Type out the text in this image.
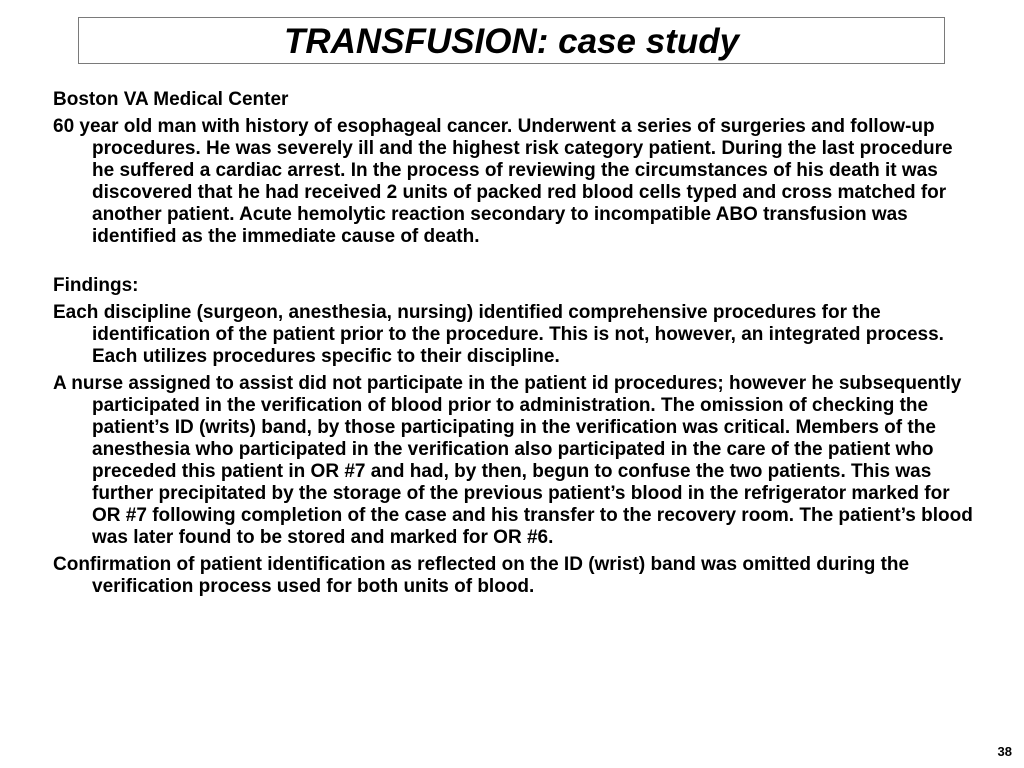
TRANSFUSION: case study

Boston VA Medical Center

60 year old man with history of esophageal cancer. Underwent a series of surgeries and follow-up procedures. He was severely ill and the highest risk category patient. During the last procedure he suffered a cardiac arrest. In the process of reviewing the circumstances of his death it was discovered that he had received 2 units of packed red blood cells typed and cross matched for another patient. Acute hemolytic reaction secondary to incompatible ABO transfusion was identified as the immediate cause of death.

Findings:

Each discipline (surgeon, anesthesia, nursing) identified comprehensive procedures for the identification of the patient prior to the procedure. This is not, however, an integrated process. Each utilizes procedures specific to their discipline.

A nurse assigned to assist did not participate in the patient id procedures; however he subsequently participated in the verification of blood prior to administration. The omission of checking the patient’s ID (writs) band, by those participating in the verification was critical. Members of the anesthesia who participated in the verification also participated in the care of the patient who preceded this patient in OR #7 and had, by then, begun to confuse the two patients. This was further precipitated by the storage of the previous patient’s blood in the refrigerator marked for OR #7 following completion of the case and his transfer to the recovery room. The patient’s blood was later found to be stored and marked for OR #6.

Confirmation of patient identification as reflected on the ID (wrist) band was omitted during the verification process used for both units of blood.

38
